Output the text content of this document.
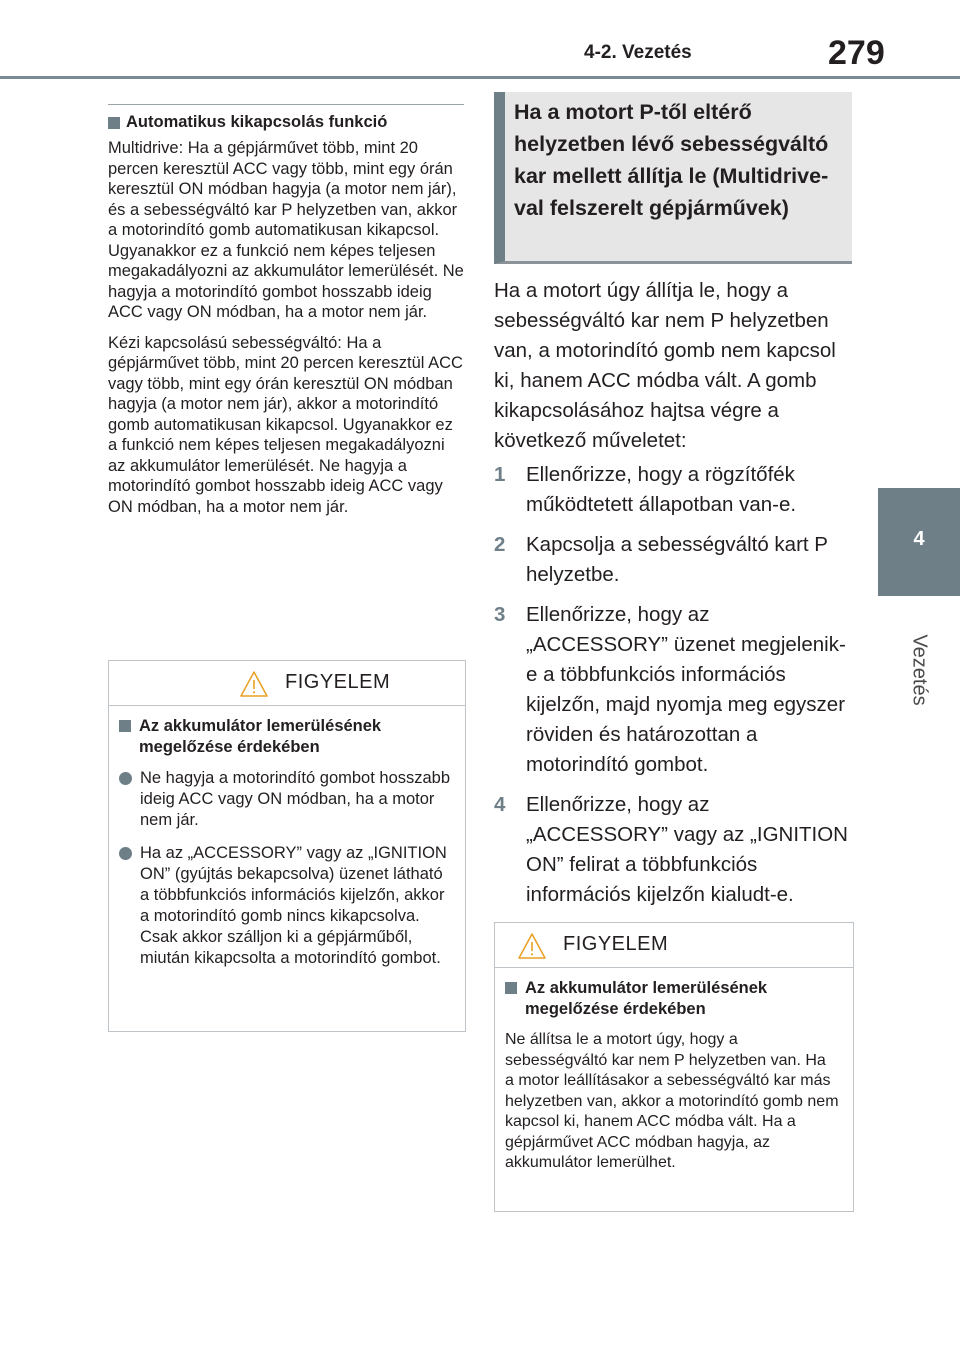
4-2. Vezetés	279
4
Vezetés
Automatikus kikapcsolás funkció

Multidrive: Ha a gépjárművet több, mint 20 percen keresztül ACC vagy több, mint egy órán keresztül ON módban hagyja (a motor nem jár), és a sebességváltó kar P helyzetben van, akkor a motorindító gomb automatikusan kikapcsol. Ugyanakkor ez a funkció nem képes teljesen megakadályozni az akkumulátor lemerülését. Ne hagyja a motorindító gombot hosszabb ideig ACC vagy ON módban, ha a motor nem jár.

Kézi kapcsolású sebességváltó: Ha a gépjárművet több, mint 20 percen keresztül ACC vagy több, mint egy órán keresztül ON módban hagyja (a motor nem jár), akkor a motorindító gomb automatikusan kikapcsol. Ugyanakkor ez a funkció nem képes teljesen megakadályozni az akkumulátor lemerülését. Ne hagyja a motorindító gombot hosszabb ideig ACC vagy ON módban, ha a motor nem jár.

FIGYELEM
Az akkumulátor lemerülésének megelőzése érdekében
Ne hagyja a motorindító gombot hosszabb ideig ACC vagy ON módban, ha a motor nem jár.
Ha az „ACCESSORY” vagy az „IGNITION ON” (gyújtás bekapcsolva) üzenet látható a többfunkciós információs kijelzőn, akkor a motorindító gomb nincs kikapcsolva. Csak akkor szálljon ki a gépjárműből, miután kikapcsolta a motorindító gombot.
Ha a motort P-től eltérő helyzetben lévő sebességváltó kar mellett állítja le (Multidrive-val felszerelt gépjárművek)

Ha a motort úgy állítja le, hogy a sebességváltó kar nem P helyzetben van, a motorindító gomb nem kapcsol ki, hanem ACC módba vált. A gomb kikapcsolásához hajtsa végre a következő műveletet:

1	Ellenőrizze, hogy a rögzítőfék működtetett állapotban van-e.
2	Kapcsolja a sebességváltó kart P helyzetbe.
3	Ellenőrizze, hogy az „ACCESSORY” üzenet megjelenik-e a többfunkciós információs kijelzőn, majd nyomja meg egyszer röviden és határozottan a motorindító gombot.
4	Ellenőrizze, hogy az „ACCESSORY” vagy az „IGNITION ON” felirat a többfunkciós információs kijelzőn kialudt-e.
FIGYELEM
Az akkumulátor lemerülésének megelőzése érdekében

Ne állítsa le a motort úgy, hogy a sebességváltó kar nem P helyzetben van. Ha a motor leállításakor a sebességváltó kar más helyzetben van, akkor a motorindító gomb nem kapcsol ki, hanem ACC módba vált. Ha a gépjárművet ACC módban hagyja, az akkumulátor lemerülhet.
